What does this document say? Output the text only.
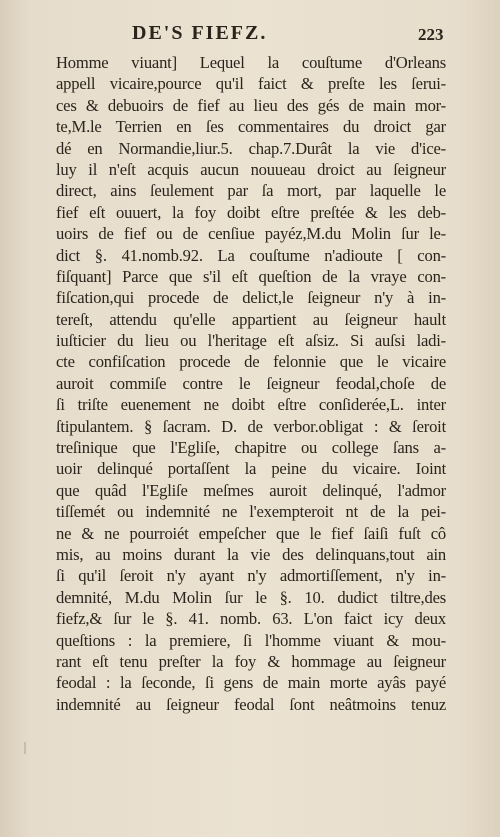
DE'S FIEFZ.	223
Homme viuant] Lequel la couſtume d'Orleans
appell vicaire,pource qu'il faict & preſte les ſerui-
ces & debuoirs de fief au lieu des gés de main mor-
te,M.le Terrien en ſes commentaires du droict gar
dé en Normandie,liur.5. chap.7.Durât la vie d'ice-
luy il n'eſt acquis aucun nouueau droict au ſeigneur
direct, ains ſeulement par ſa mort, par laquelle le
fief eſt ouuert, la foy doibt eſtre preſtée & les deb-
uoirs de fief ou de cenſiue payéz,M.du Molin ſur le-
dict §. 41.nomb.92. La couſtume n'adioute [ con-
fiſquant] Parce que s'il eſt queſtion de la vraye con-
fiſcation,qui procede de delict,le ſeigneur n'y à in-
tereſt, attendu qu'elle appartient au ſeigneur hault
iuſticier du lieu ou l'heritage eſt aſsiz. Si auſsi ladi-
cte confiſcation procede de felonnie que le vicaire
auroit commiſe contre le ſeigneur feodal,choſe de
ſi triſte euenement ne doibt eſtre conſiderée,L. inter
ſtipulantem. § ſacram. D. de verbor.obligat : & ſeroit
treſinique que l'Egliſe, chapitre ou college ſans a-
uoir delinqué portaſſent la peine du vicaire. Ioint
que quâd l'Egliſe meſmes auroit delinqué, l'admor
tiſſemét ou indemnité ne l'exempteroit nt de la pei-
ne & ne pourroiét empeſcher que le fief ſaiſi fuſt cô
mis, au moins durant la vie des delinquans,tout ain
ſi qu'il ſeroit n'y ayant n'y admortiſſement, n'y in-
demnité, M.du Molin ſur le §. 10. dudict tiltre,des
fiefz,& ſur le §. 41. nomb. 63. L'on faict icy deux
queſtions : la premiere, ſi l'homme viuant & mou-
rant eſt tenu preſter la foy & hommage au ſeigneur
feodal : la ſeconde, ſi gens de main morte ayâs payé
indemnité au ſeigneur feodal ſont neâtmoins tenuz
